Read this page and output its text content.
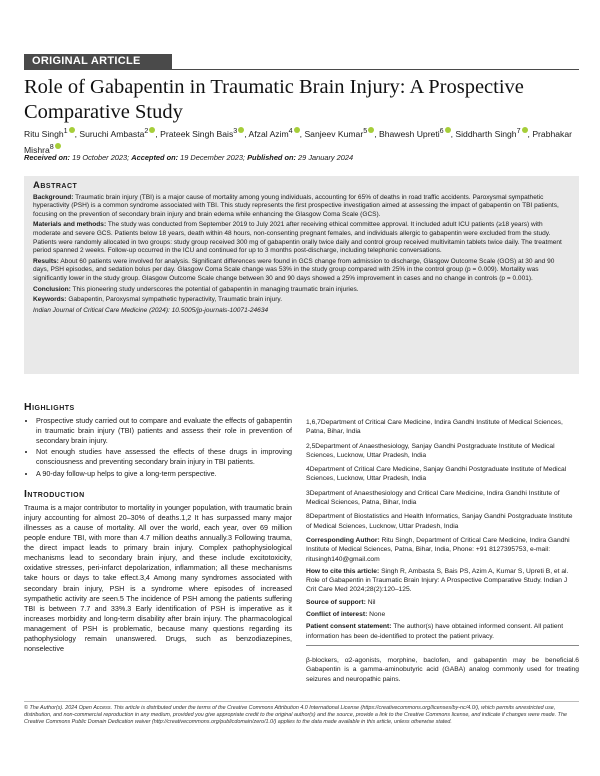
ORIGINAL ARTICLE
Role of Gabapentin in Traumatic Brain Injury: A Prospective Comparative Study
Ritu Singh$^1$ , Suruchi Ambasta$^2$ , Prateek Singh Bais$^3$ , Afzal Azim$^4$ , Sanjeev Kumar$^5$ , Bhawesh Upreti$^6$ , Siddharth Singh$^7$ , Prabhakar Mishra$^8$
Received on: 19 October 2023; Accepted on: 19 December 2023; Published on: 29 January 2024
Abstract

Background: Traumatic brain injury (TBI) is a major cause of mortality among young individuals, accounting for 65% of deaths in road traffic accidents. Paroxysmal sympathetic hyperactivity (PSH) is a common syndrome associated with TBI. This study represents the first prospective investigation aimed at assessing the impact of gabapentin on TBI patients, focusing on the prevention of secondary brain injury and brain edema while enhancing the Glasgow Coma Scale (GCS).

Materials and methods: The study was conducted from September 2019 to July 2021 after receiving ethical committee approval. It included adult ICU patients (≥18 years) with moderate and severe GCS. Patients below 18 years, death within 48 hours, non-consenting pregnant females, and individuals allergic to gabapentin were excluded from the study. Patients were randomly allocated in two groups: study group received 300 mg of gabapentin orally twice daily and control group received multivitamin tablets twice daily. The treatment period spanned 2 weeks. Follow-up occurred in the ICU and continued for up to 3 months post-discharge, including telephonic conversations.

Results: About 60 patients were involved for analysis. Significant differences were found in GCS change from admission to discharge, Glasgow Outcome Scale (GOS) at 30 and 90 days, PSH episodes, and sedation bolus per day. Glasgow Coma Scale change was 53% in the study group compared with 25% in the control group (p = 0.009). Mortality was significantly lower in the study group. Glasgow Outcome Scale change between 30 and 90 days showed a 25% improvement in cases and no change in controls (p = 0.001).

Conclusion: This pioneering study underscores the potential of gabapentin in managing traumatic brain injuries.

Keywords: Gabapentin, Paroxysmal sympathetic hyperactivity, Traumatic brain injury.

Indian Journal of Critical Care Medicine (2024): 10.5005/jp-journals-10071-24634

Highlights
• Prospective study carried out to compare and evaluate the effects of gabapentin in traumatic brain injury (TBI) patients and assess their role in prevention of secondary brain injury.
• Not enough studies have assessed the effects of these drugs in improving consciousness and preventing secondary brain injury in TBI patients.
• A 90-day follow-up helps to give a long-term perspective.
Introduction

Trauma is a major contributor to mortality in younger population, with traumatic brain injury accounting for almost 20–30% of deaths.1,2 It has surpassed many major illnesses as a cause of mortality. All over the world, each year, over 69 million people endure TBI, with more than 4.7 million deaths annually.3 Following trauma, the direct impact leads to primary brain injury. Complex pathophysiological mechanisms lead to secondary brain injury, and these include excitotoxicity, oxidative stresses, peri-infarct depolarization, inflammation; all these mechanisms take hours or days to take effect.3,4 Among many syndromes associated with secondary brain injury, PSH is a syndrome where episodes of increased sympathetic activity are seen.5 The incidence of PSH among the patients suffering TBI is between 7.7 and 33%.3 Early identification of PSH is imperative as it increases morbidity and long-term disability after brain injury. The pharmacological management of PSH is problematic, because many questions regarding its pathophysiology remain unanswered. Drugs, such as benzodiazepines, nonselective

1,6,7Department of Critical Care Medicine, Indira Gandhi Institute of Medical Sciences, Patna, Bihar, India

2,5Department of Anaesthesiology, Sanjay Gandhi Postgraduate Institute of Medical Sciences, Lucknow, Uttar Pradesh, India

4Department of Critical Care Medicine, Sanjay Gandhi Postgraduate Institute of Medical Sciences, Lucknow, Uttar Pradesh, India

3Department of Anaesthesiology and Critical Care Medicine, Indira Gandhi Institute of Medical Sciences, Patna, Bihar, India

8Department of Biostatistics and Health Informatics, Sanjay Gandhi Postgraduate Institute of Medical Sciences, Lucknow, Uttar Pradesh, India

Corresponding Author: Ritu Singh, Department of Critical Care Medicine, Indira Gandhi Institute of Medical Sciences, Patna, Bihar, India, Phone: +91 8127395753, e-mail: ritusingh140@gmail.com

How to cite this article: Singh R, Ambasta S, Bais PS, Azim A, Kumar S, Upreti B, et al. Role of Gabapentin in Traumatic Brain Injury: A Prospective Comparative Study. Indian J Crit Care Med 2024;28(2):120–125.

Source of support: Nil

Conflict of interest: None

Patient consent statement: The author(s) have obtained informed consent. All patient information has been de-identified to protect the patient privacy.

β-blockers, α2-agonists, morphine, baclofen, and gabapentin may be beneficial.6 Gabapentin is a gamma-aminobutyric acid (GABA) analog commonly used for treating seizures and neuropathic pains.

© The Author(s). 2024 Open Access. This article is distributed under the terms of the Creative Commons Attribution 4.0 International License (https://creativecommons.org/licenses/by-nc/4.0/), which permits unrestricted use, distribution, and non-commercial reproduction in any medium, provided you give appropriate credit to the original author(s) and the source, provide a link to the Creative Commons license, and indicate if changes were made. The Creative Commons Public Domain Dedication waiver (http://creativecommons.org/publicdomain/zero/1.0/) applies to the data made available in this article, unless otherwise stated.
